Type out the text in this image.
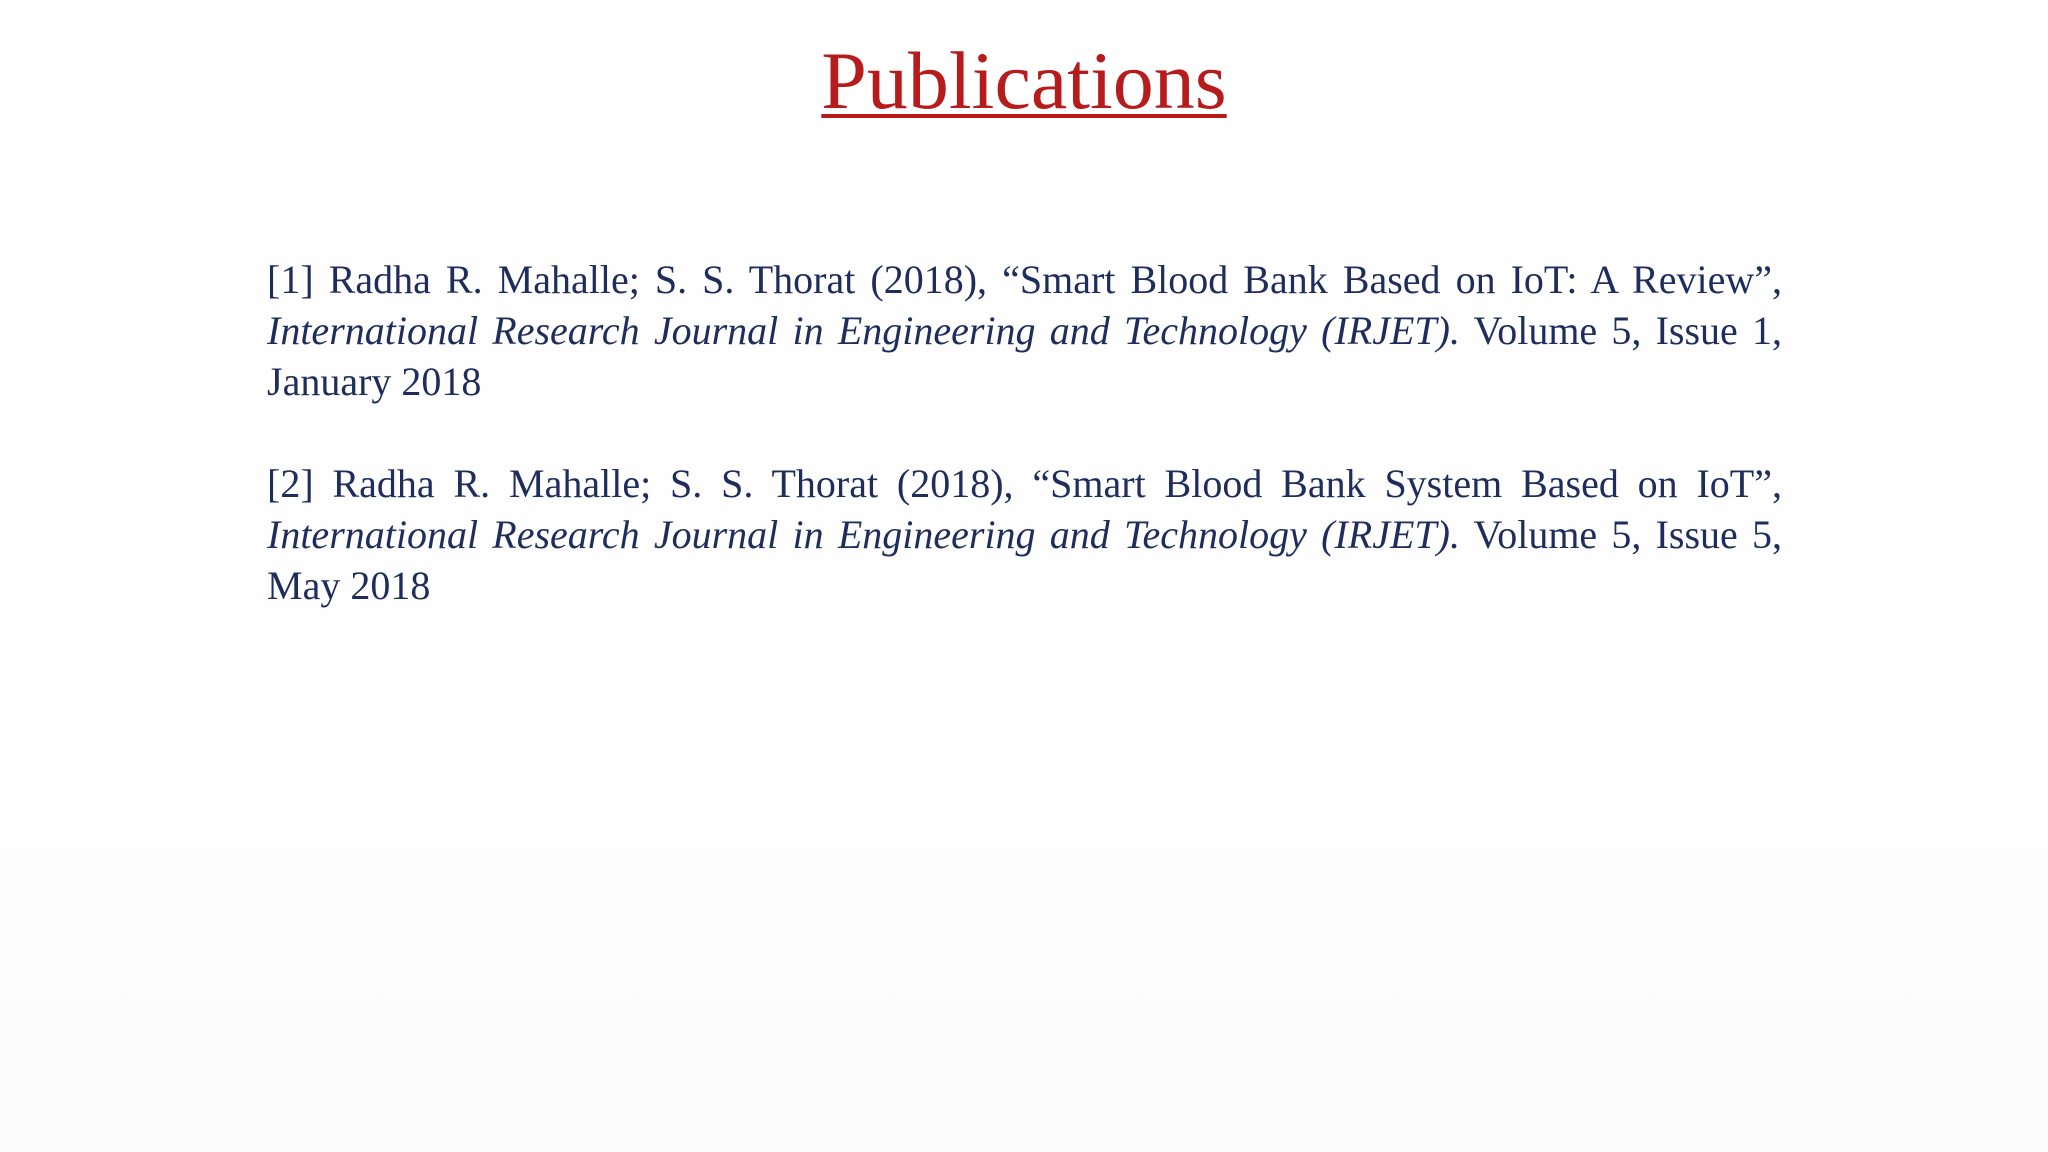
Publications

[1] Radha R. Mahalle; S. S. Thorat (2018), “Smart Blood Bank Based on IoT: A Review”, International Research Journal in Engineering and Technology (IRJET). Volume 5, Issue 1, January 2018

[2] Radha R. Mahalle; S. S. Thorat (2018), “Smart Blood Bank System Based on IoT”, International Research Journal in Engineering and Technology (IRJET). Volume 5, Issue 5, May 2018
